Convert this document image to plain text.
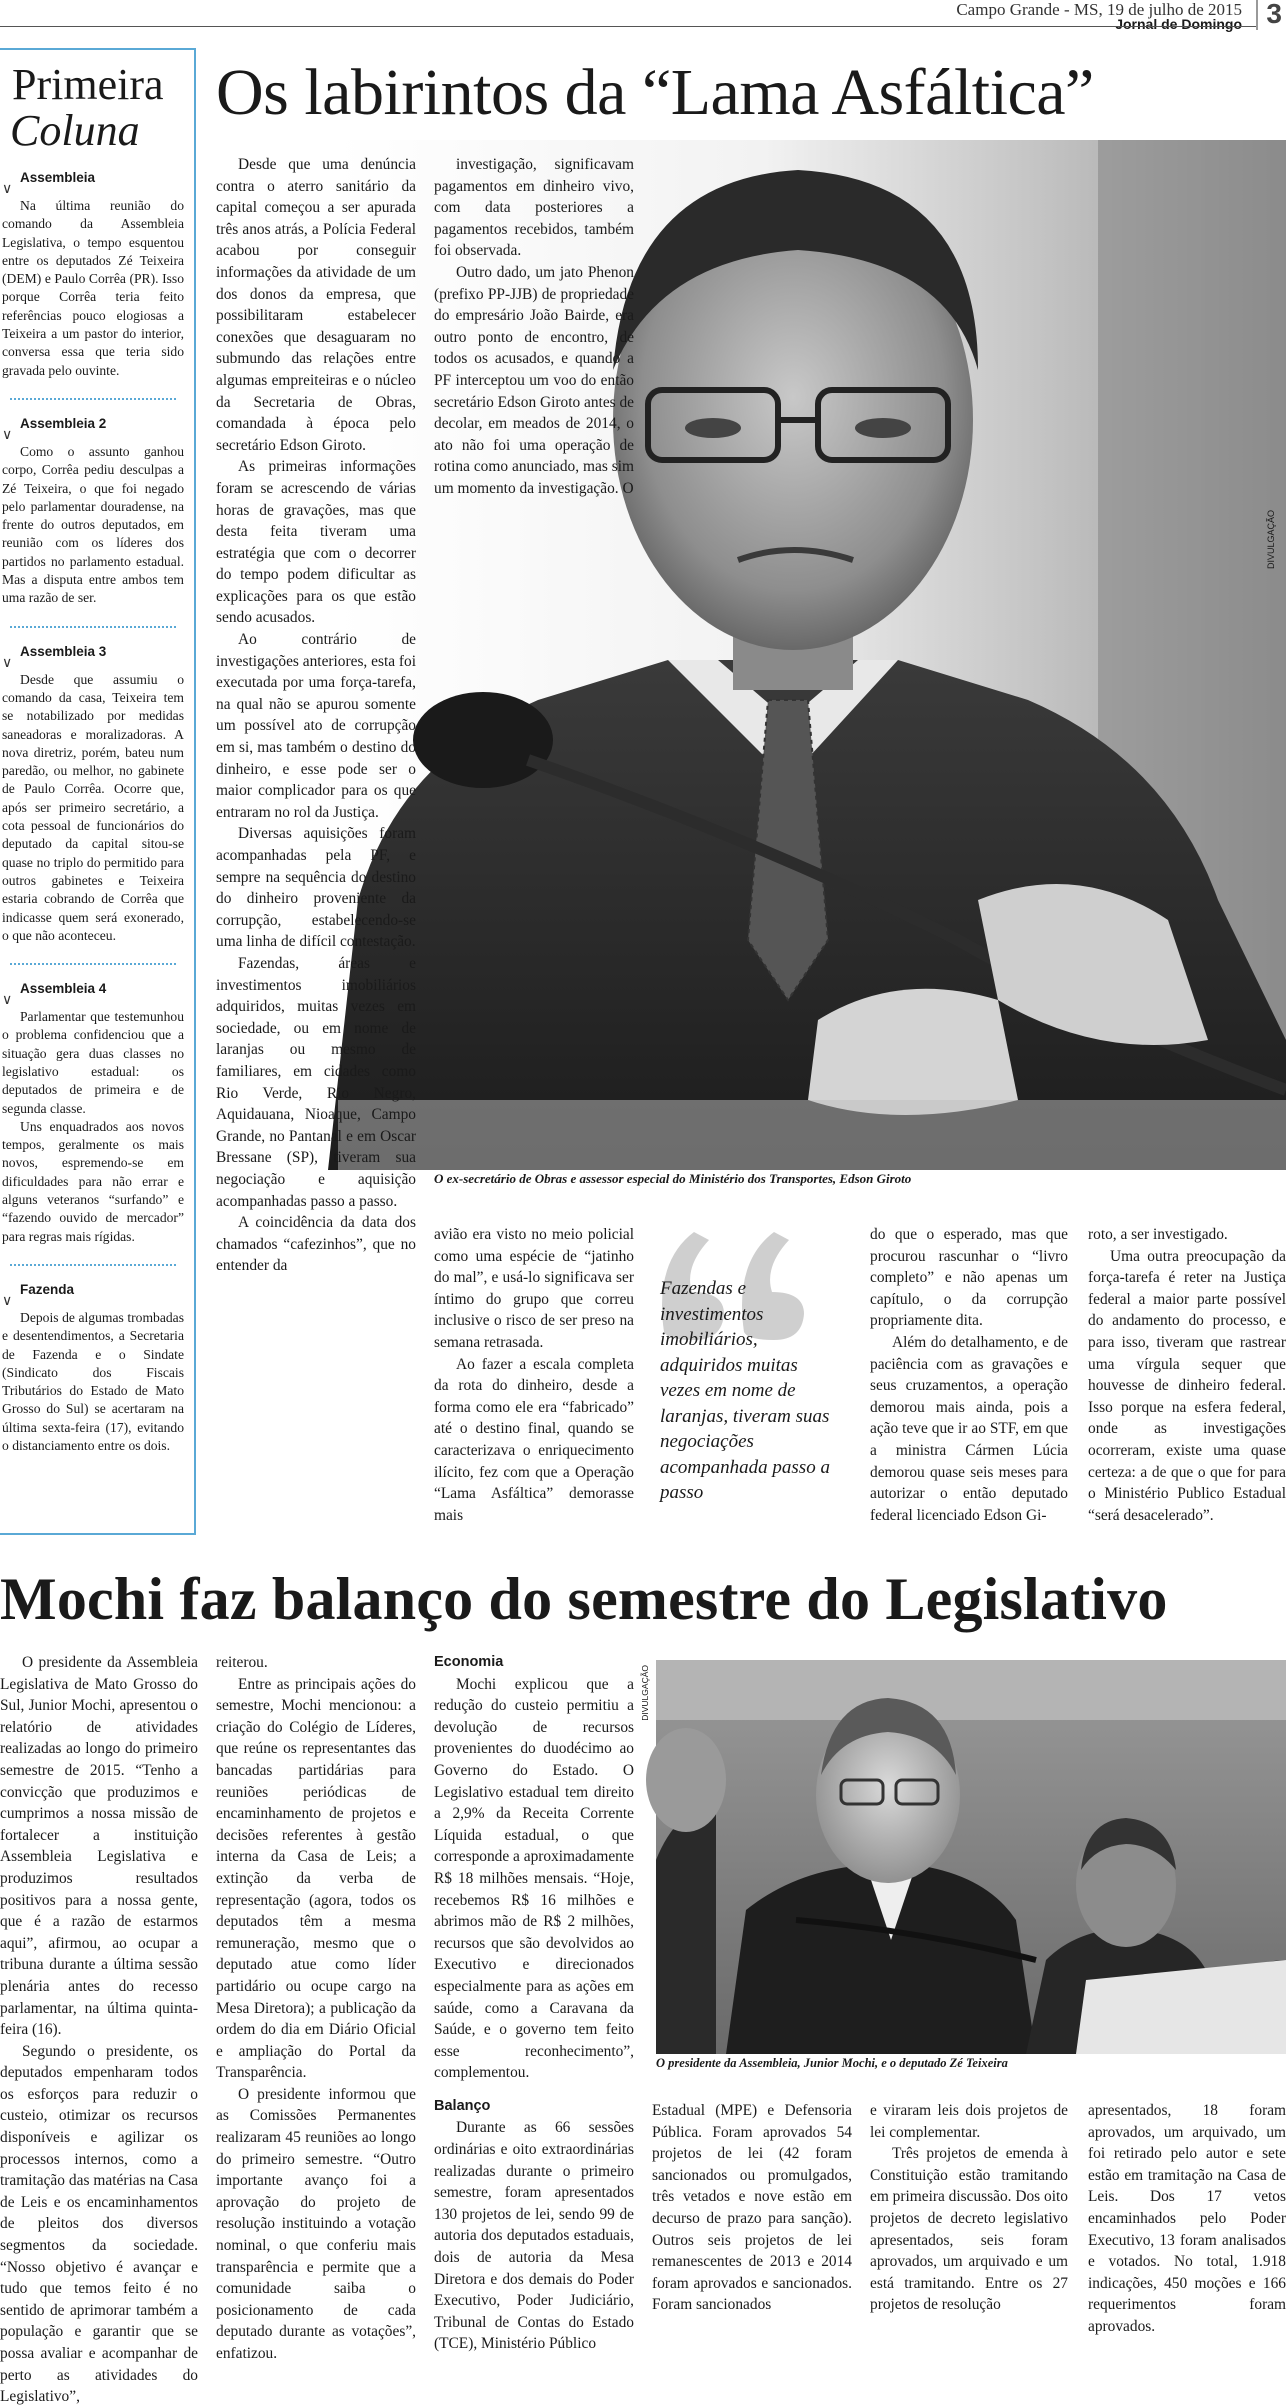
Campo Grande - MS, 19 de julho de 2015
Jornal de Domingo 3
Primeira
Coluna
Assembleia
∨

Na última reunião do comando da Assembleia Legislativa, o tempo esquentou entre os deputados Zé Teixeira (DEM) e Paulo Corrêa (PR). Isso porque Corrêa teria feito referências pouco elogiosas a Teixeira a um pastor do interior, conversa essa que teria sido gravada pelo ouvinte.

Assembleia 2
∨

Como o assunto ganhou corpo, Corrêa pediu desculpas a Zé Teixeira, o que foi negado pelo parlamentar douradense, na frente do outros deputados, em reunião com os líderes dos partidos no parlamento estadual. Mas a disputa entre ambos tem uma razão de ser.

Assembleia 3
∨

Desde que assumiu o comando da casa, Teixeira tem se notabilizado por medidas saneadoras e moralizadoras. A nova diretriz, porém, bateu num paredão, ou melhor, no gabinete de Paulo Corrêa. Ocorre que, após ser primeiro secretário, a cota pessoal de funcionários do deputado da capital sitou-se quase no triplo do permitido para outros gabinetes e Teixeira estaria cobrando de Corrêa que indicasse quem será exonerado, o que não aconteceu.

Assembleia 4
∨

Parlamentar que testemunhou o problema confidenciou que a situação gera duas classes no legislativo estadual: os deputados de primeira e de segunda classe.

Uns enquadrados aos novos tempos, geralmente os mais novos, espremendo-se em dificuldades para não errar e alguns veteranos “surfando” e “fazendo ouvido de mercador” para regras mais rígidas.

Fazenda
∨

Depois de algumas trombadas e desentendimentos, a Secretaria de Fazenda e o Sindate (Sindicato dos Fiscais Tributários do Estado de Mato Grosso do Sul) se acertaram na última sexta-feira (17), evitando o distanciamento entre os dois.

Os labirintos da “Lama Asfáltica”
DIVULGAÇÃO
O ex-secretário de Obras e assessor especial do Ministério dos Transportes, Edson Giroto

Desde que uma denúncia contra o aterro sanitário da capital começou a ser apurada três anos atrás, a Polícia Federal acabou por conseguir informações da atividade de um dos donos da empresa, que possibilitaram estabelecer conexões que desaguaram no submundo das relações entre algumas empreiteiras e o núcleo da Secretaria de Obras, comandada à época pelo secretário Edson Giroto.

As primeiras informações foram se acrescendo de várias horas de gravações, mas que desta feita tiveram uma estratégia que com o decorrer do tempo podem dificultar as explicações para os que estão sendo acusados.

Ao contrário de investigações anteriores, esta foi executada por uma força-tarefa, na qual não se apurou somente um possível ato de corrupção em si, mas também o destino do dinheiro, e esse pode ser o maior complicador para os que entraram no rol da Justiça.

Diversas aquisições foram acompanhadas pela PF, e sempre na sequência do destino do dinheiro proveniente da corrupção, estabelecendo-se uma linha de difícil contestação.

Fazendas, áreas e investimentos imobiliários adquiridos, muitas vezes em sociedade, ou em nome de laranjas ou mesmo de familiares, em cidades como Rio Verde, Rio Negro, Aquidauana, Nioaque, Campo Grande, no Pantanal e em Oscar Bressane (SP), tiveram sua negociação e aquisição acompanhadas passo a passo.

A coincidência da data dos chamados “cafezinhos”, que no entender da

investigação, significavam pagamentos em dinheiro vivo, com data posteriores a pagamentos recebidos, também foi observada.

Outro dado, um jato Phenon (prefixo PP-JJB) de propriedade do empresário João Bairde, era outro ponto de encontro, de todos os acusados, e quando a PF interceptou um voo do então secretário Edson Giroto antes de decolar, em meados de 2014, o ato não foi uma operação de rotina como anunciado, mas sim um momento da investigação. O

avião era visto no meio policial como uma espécie de “jatinho do mal”, e usá-lo significava ser íntimo do grupo que correu inclusive o risco de ser preso na semana retrasada.

Ao fazer a escala completa da rota do dinheiro, desde a forma como ele era “fabricado” até o destino final, quando se caracterizava o enriquecimento ilícito, fez com que a Operação “Lama Asfáltica” demorasse mais

do que o esperado, mas que procurou rascunhar o “livro completo” e não apenas um capítulo, o da corrupção propriamente dita.

Além do detalhamento, e de paciência com as gravações e seus cruzamentos, a operação demorou mais ainda, pois a ação teve que ir ao STF, em que a ministra Cármen Lúcia demorou quase seis meses para autorizar o então deputado federal licenciado Edson Gi-

roto, a ser investigado.

Uma outra preocupação da força-tarefa é reter na Justiça federal a maior parte possível do andamento do processo, e para isso, tiveram que rastrear uma vírgula sequer que houvesse de dinheiro federal. Isso porque na esfera federal, onde as investigações ocorreram, existe uma quase certeza: a de que o que for para o Ministério Publico Estadual “será desacelerado”.

Fazendas e investimentos imobiliários, adquiridos muitas vezes em nome de laranjas, tiveram suas negociações acompanhada passo a passo
Mochi faz balanço do semestre do Legislativo
DIVULGAÇÃO
O presidente da Assembleia, Junior Mochi, e o deputado Zé Teixeira

O presidente da Assembleia Legislativa de Mato Grosso do Sul, Junior Mochi, apresentou o relatório de atividades realizadas ao longo do primeiro semestre de 2015. “Tenho a convicção que produzimos e cumprimos a nossa missão de fortalecer a instituição Assembleia Legislativa e produzimos resultados positivos para a nossa gente, que é a razão de estarmos aqui”, afirmou, ao ocupar a tribuna durante a última sessão plenária antes do recesso parlamentar, na última quinta-feira (16).

Segundo o presidente, os deputados empenharam todos os esforços para reduzir o custeio, otimizar os recursos disponíveis e agilizar os processos internos, como a tramitação das matérias na Casa de Leis e os encaminhamentos de pleitos dos diversos segmentos da sociedade. “Nosso objetivo é avançar e tudo que temos feito é no sentido de aprimorar também a população e garantir que se possa avaliar e acompanhar de perto as atividades do Legislativo”,

reiterou.

Entre as principais ações do semestre, Mochi mencionou: a criação do Colégio de Líderes, que reúne os representantes das bancadas partidárias para reuniões periódicas de encaminhamento de projetos e decisões referentes à gestão interna da Casa de Leis; a extinção da verba de representação (agora, todos os deputados têm a mesma remuneração, mesmo que o deputado atue como líder partidário ou ocupe cargo na Mesa Diretora); a publicação da ordem do dia em Diário Oficial e ampliação do Portal da Transparência.

O presidente informou que as Comissões Permanentes realizaram 45 reuniões ao longo do primeiro semestre. “Outro importante avanço foi a aprovação do projeto de resolução instituindo a votação nominal, o que conferiu mais transparência e permite que a comunidade saiba o posicionamento de cada deputado durante as votações”, enfatizou.

Economia

Mochi explicou que a redução do custeio permitiu a devolução de recursos provenientes do duodécimo ao Governo do Estado. O Legislativo estadual tem direito a 2,9% da Receita Corrente Líquida estadual, o que corresponde a aproximadamente R$ 18 milhões mensais. “Hoje, recebemos R$ 16 milhões e abrimos mão de R$ 2 milhões, recursos que são devolvidos ao Executivo e direcionados especialmente para as ações em saúde, como a Caravana da Saúde, e o governo tem feito esse reconhecimento”, complementou.

Balanço

Durante as 66 sessões ordinárias e oito extraordinárias realizadas durante o primeiro semestre, foram apresentados 130 projetos de lei, sendo 99 de autoria dos deputados estaduais, dois de autoria da Mesa Diretora e dos demais do Poder Executivo, Poder Judiciário, Tribunal de Contas do Estado (TCE), Ministério Público

Estadual (MPE) e Defensoria Pública. Foram aprovados 54 projetos de lei (42 foram sancionados ou promulgados, três vetados e nove estão em decurso de prazo para sanção). Outros seis projetos de lei remanescentes de 2013 e 2014 foram aprovados e sancionados. Foram sancionados

e viraram leis dois projetos de lei complementar.

Três projetos de emenda à Constituição estão tramitando em primeira discussão. Dos oito projetos de decreto legislativo apresentados, seis foram aprovados, um arquivado e um está tramitando. Entre os 27 projetos de resolução

apresentados, 18 foram aprovados, um arquivado, um foi retirado pelo autor e sete estão em tramitação na Casa de Leis. Dos 17 vetos encaminhados pelo Poder Executivo, 13 foram analisados e votados. No total, 1.918 indicações, 450 moções e 166 requerimentos foram aprovados.
